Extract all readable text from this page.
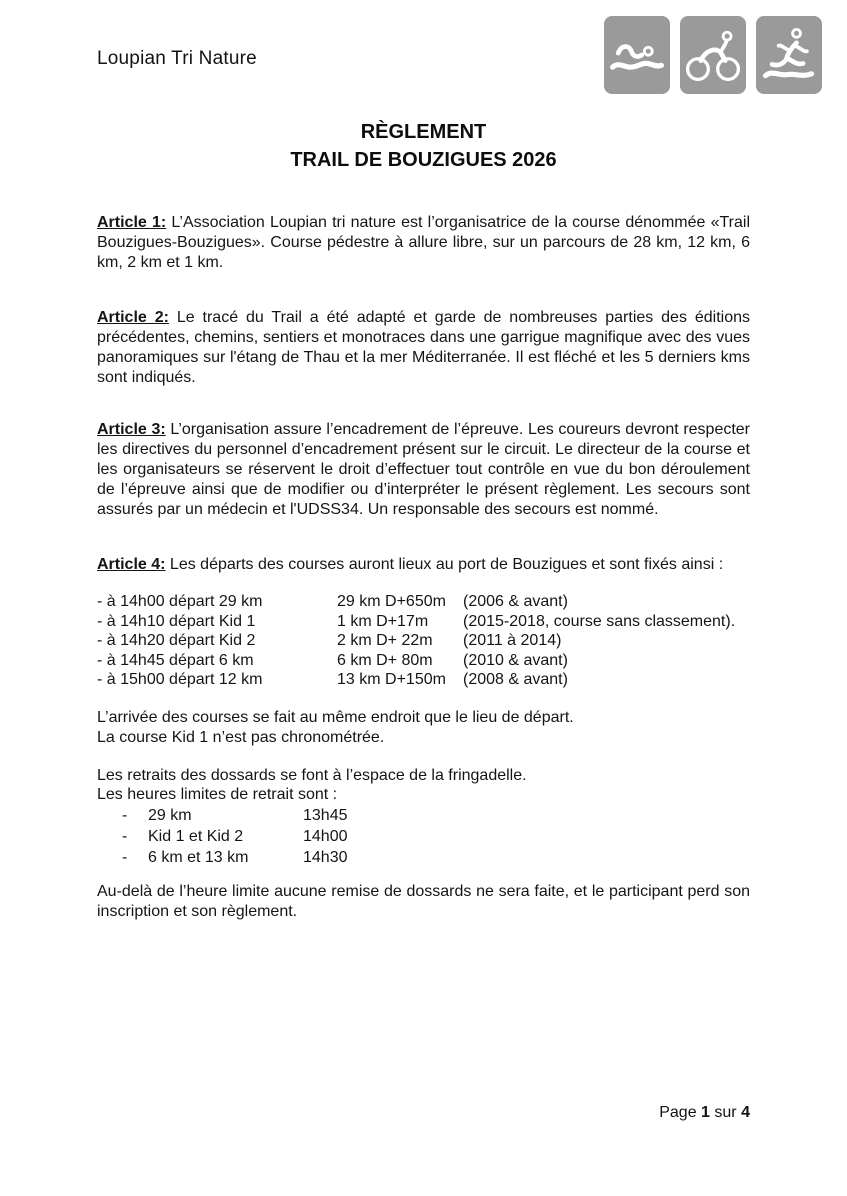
Loupian Tri Nature
RÈGLEMENT
TRAIL DE BOUZIGUES 2026

Article 1: L’Association Loupian tri nature est l’organisatrice de la course dénommée «Trail Bouzigues-Bouzigues». Course pédestre à allure libre, sur un parcours de 28 km, 12 km, 6 km, 2 km et 1 km.

Article 2: Le tracé du Trail a été adapté et garde de nombreuses parties des éditions précédentes, chemins, sentiers et monotraces dans une garrigue magnifique avec des vues panoramiques sur l'étang de Thau et la mer Méditerranée. Il est fléché et les 5 derniers kms sont indiqués.

Article 3: L’organisation assure l’encadrement de l’épreuve. Les coureurs devront respecter les directives du personnel d’encadrement présent sur le circuit. Le directeur de la course et les organisateurs se réservent le droit d’effectuer tout contrôle en vue du bon déroulement de l’épreuve ainsi que de modifier ou d’interpréter le présent règlement. Les secours sont assurés par un médecin et l'UDSS34. Un responsable des secours est nommé.

Article 4: Les départs des courses auront lieux au port de Bouzigues et sont fixés ainsi :

- à 14h00 départ 29 km	29 km D+650m	(2006 & avant)
- à 14h10 départ Kid 1	1 km D+17m	(2015-2018, course sans classement).
- à 14h20 départ Kid 2	2 km D+ 22m	(2011 à 2014)
- à 14h45 départ 6 km	6 km D+ 80m	(2010 & avant)
- à 15h00 départ 12 km	13 km D+150m	(2008 & avant)

L’arrivée des courses se fait au même endroit que le lieu de départ.

La course Kid 1 n’est pas chronométrée.

Les retraits des dossards se font à l’espace de la fringadelle.

Les heures limites de retrait sont :

-	29 km	13h45
-	Kid 1 et Kid 2	14h00
-	6 km et 13 km	14h30

Au-delà de l’heure limite aucune remise de dossards ne sera faite, et le participant perd son inscription et son règlement.

Page 1 sur 4
